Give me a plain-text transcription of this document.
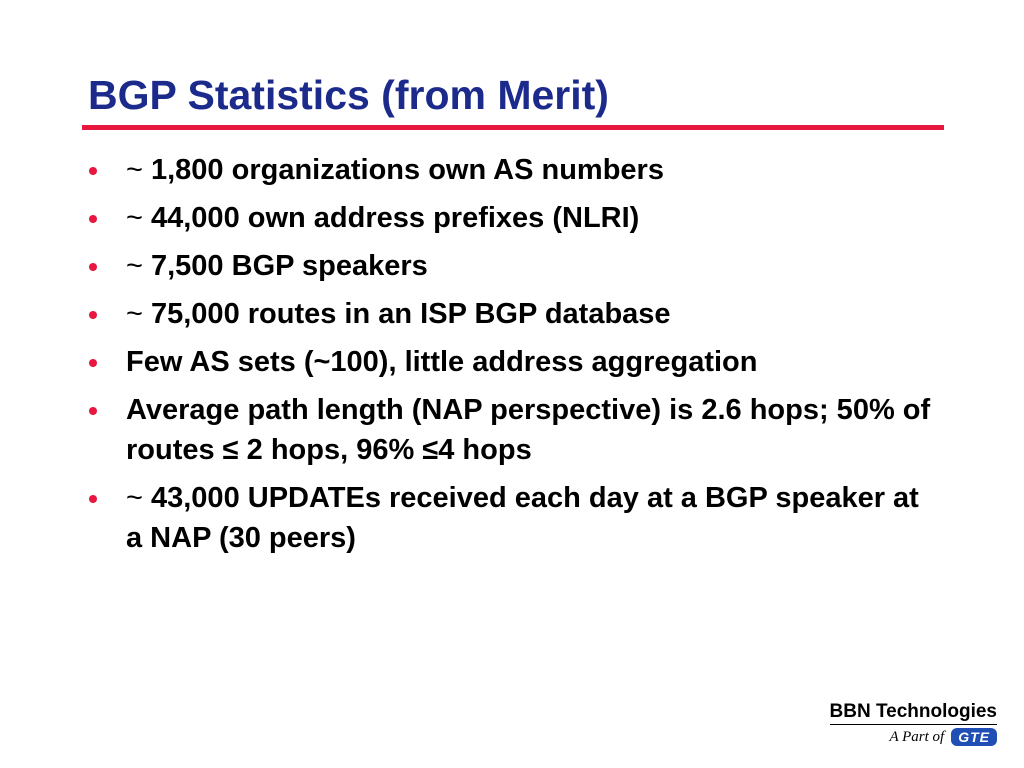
BGP Statistics (from Merit)
~ 1,800 organizations own AS numbers
~ 44,000 own address prefixes (NLRI)
~ 7,500 BGP speakers
~ 75,000 routes in an ISP BGP database
Few AS sets (~100), little address aggregation
Average path length (NAP perspective) is 2.6 hops; 50% of routes ≤ 2 hops, 96% ≤4 hops
~ 43,000 UPDATEs received each day at a BGP speaker at a NAP (30 peers)
BBN Technologies
A Part of	GTE
